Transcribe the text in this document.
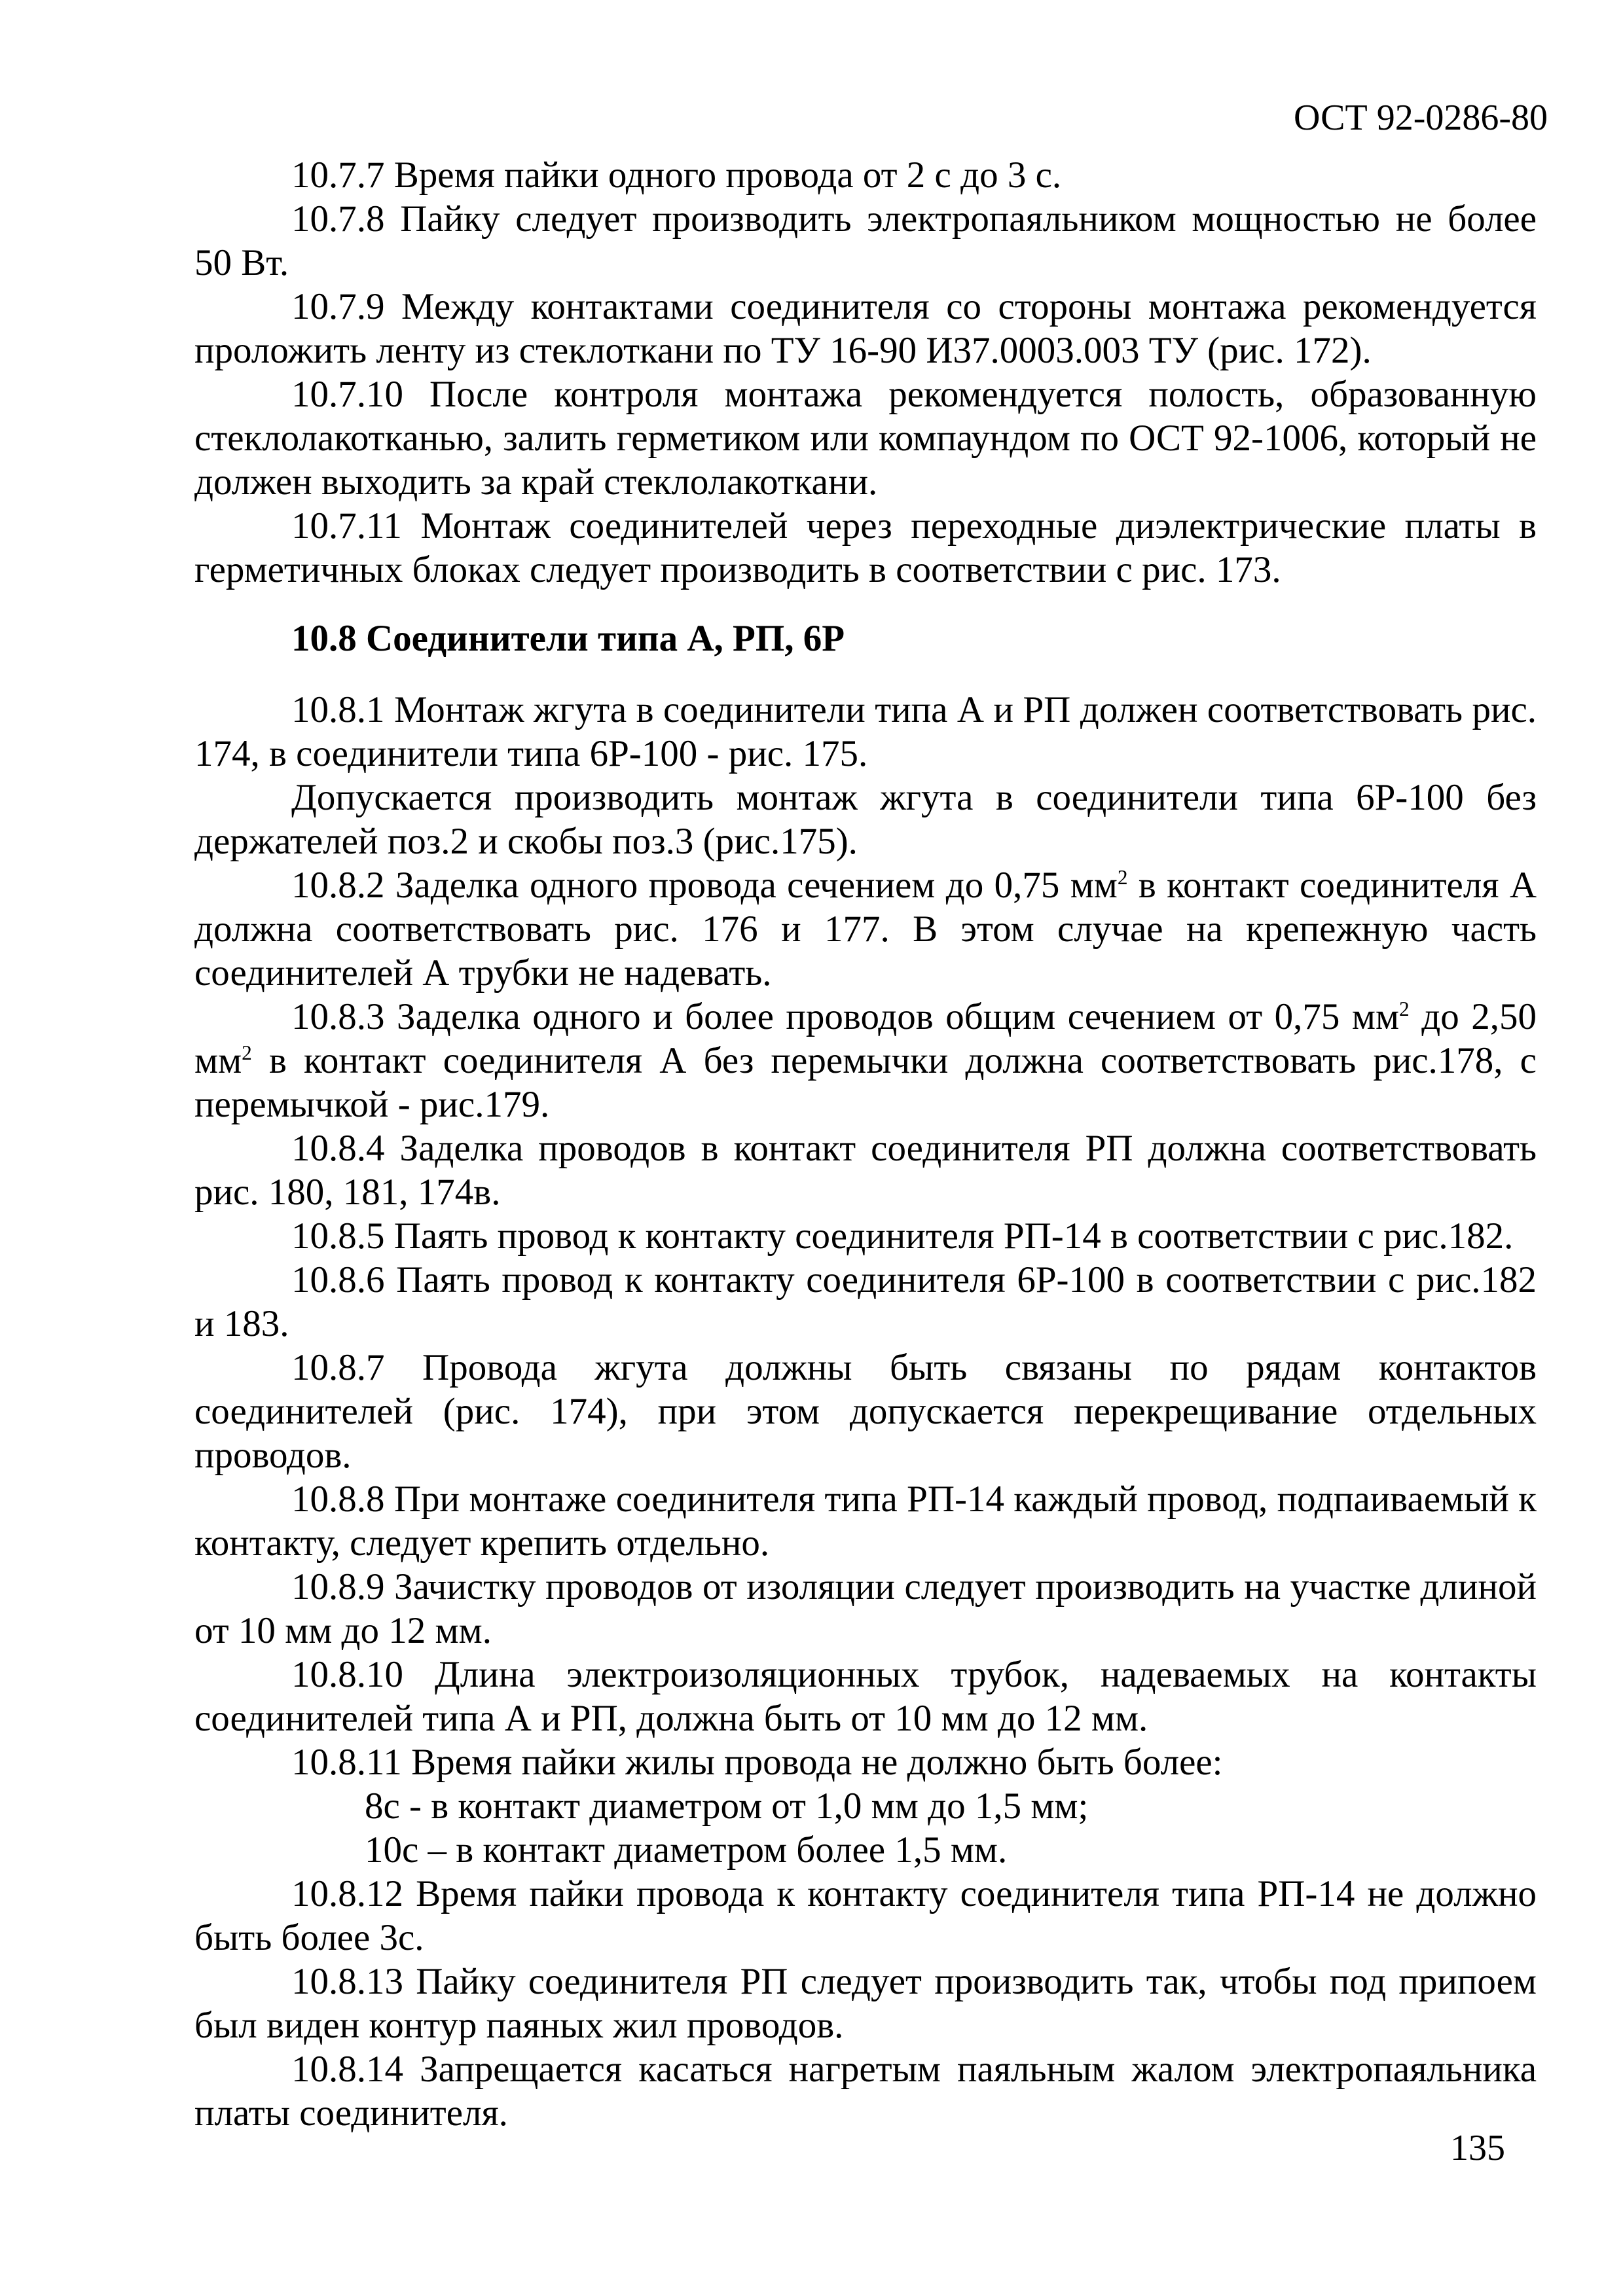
ОСТ 92-0286-80

10.7.7 Время пайки одного провода от 2 с до 3 с.

10.7.8 Пайку следует производить электропаяльником мощностью не более 50 Вт.

10.7.9 Между контактами соединителя со стороны монтажа рекомендуется проложить ленту из стеклоткани по ТУ 16-90 И37.0003.003 ТУ (рис. 172).

10.7.10 После контроля монтажа рекомендуется полость, образованную стеклолакотканью, залить герметиком или компаундом по ОСТ 92-1006, который не должен выходить за край стеклолакоткани.

10.7.11 Монтаж соединителей через переходные диэлектрические платы в герметичных блоках следует производить в соответствии с рис. 173.

10.8 Соединители типа А, РП, 6Р

10.8.1 Монтаж жгута в соединители типа А и РП должен соответствовать рис. 174, в соединители типа 6Р-100 - рис. 175.

Допускается производить монтаж жгута в соединители типа 6Р-100 без держателей поз.2 и скобы поз.3 (рис.175).

10.8.2 Заделка одного провода сечением до 0,75 $мм^2$ в контакт соединителя А должна соответствовать рис. 176 и 177. В этом случае на крепежную часть соединителей А трубки не надевать.

10.8.3 Заделка одного и более проводов общим сечением от 0,75 $мм^2$ до 2,50 $мм^2$ в контакт соединителя А без перемычки должна соответствовать рис.178, с перемычкой - рис.179.

10.8.4 Заделка проводов в контакт соединителя РП должна соответствовать рис. 180, 181, 174в.

10.8.5 Паять провод к контакту соединителя РП-14 в соответствии с рис.182.

10.8.6 Паять провод к контакту соединителя 6Р-100 в соответствии с рис.182 и 183.

10.8.7 Провода жгута должны быть связаны по рядам контактов соединителей (рис. 174), при этом допускается перекрещивание отдельных проводов.

10.8.8 При монтаже соединителя типа РП-14 каждый провод, подпаиваемый к контакту, следует крепить отдельно.

10.8.9 Зачистку проводов от изоляции следует производить на участке длиной от 10 мм до 12 мм.

10.8.10 Длина электроизоляционных трубок, надеваемых на контакты соединителей типа А и РП, должна быть от 10 мм до 12 мм.

10.8.11 Время пайки жилы провода не должно быть более:

8с - в контакт диаметром от 1,0 мм до 1,5 мм;

10с – в контакт диаметром более 1,5 мм.

10.8.12 Время пайки провода к контакту соединителя типа РП-14 не должно быть более 3с.

10.8.13 Пайку соединителя РП следует производить так, чтобы под припоем был виден контур паяных жил проводов.

10.8.14 Запрещается касаться нагретым паяльным жалом электропаяльника платы соединителя.

135
